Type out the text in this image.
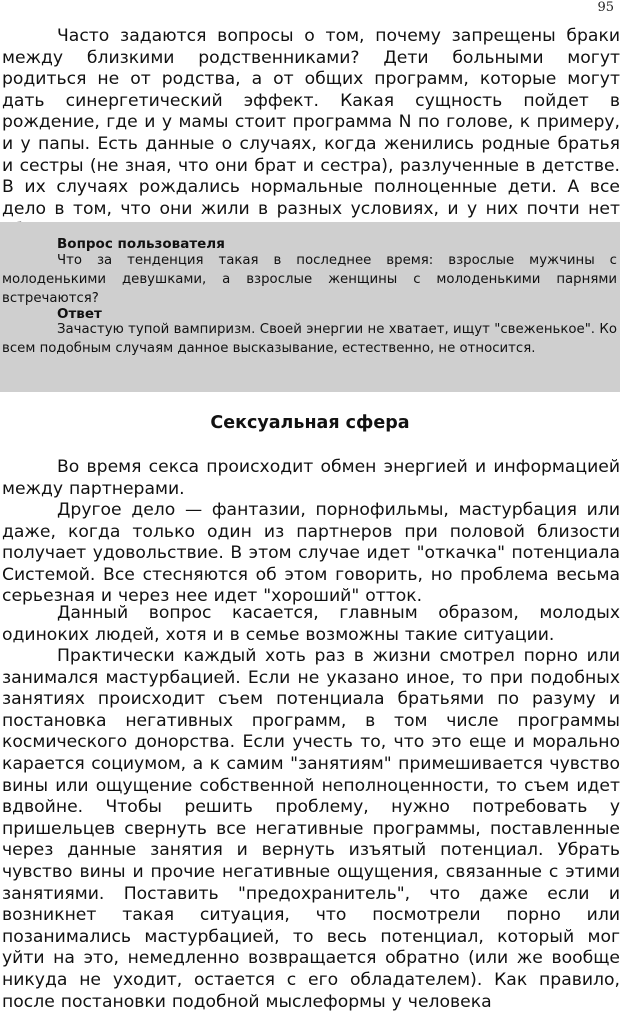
95

Часто задаются вопросы о том, почему запрещены браки между близкими родственниками? Дети больными могут родиться не от родства, а от общих программ, которые могут дать синергетический эффект. Какая сущность пойдет в рождение, где и у мамы стоит программа N по голове, к примеру, и у папы. Есть данные о случаях, когда женились родные братья и сестры (не зная, что они брат и сестра), разлученные в детстве. В их случаях рождались нормальные полноценные дети. А все дело в том, что они жили в разных условиях, и у них почти нет

Вопрос пользователя

Что за тенденция такая в последнее время: взрослые мужчины с молоденькими девушками, а взрослые женщины с молоденькими парнями встречаются?

Ответ

Зачастую тупой вампиризм. Своей энергии не хватает, ищут "свеженькое". Ко всем подобным случаям данное высказывание, естественно, не относится.

Сексуальная сфера

Во время секса происходит обмен энергией и информацией между партнерами.

Другое дело — фантазии, порнофильмы, мастурбация или даже, когда только один из партнеров при половой близости получает удовольствие. В этом случае идет "откачка" потенциала Системой. Все стесняются об этом говорить, но проблема весьма серьезная и через нее идет "хороший" отток.

Данный вопрос касается, главным образом, молодых одиноких людей, хотя и в семье возможны такие ситуации.

Практически каждый хоть раз в жизни смотрел порно или занимался мастурбацией. Если не указано иное, то при подобных занятиях происходит съем потенциала братьями по разуму и постановка негативных программ, в том числе программы космического донорства. Если учесть то, что это еще и морально карается социумом, а к самим "занятиям" примешивается чувство вины или ощущение собственной неполноценности, то съем идет вдвойне. Чтобы решить проблему, нужно потребовать у пришельцев свернуть все негативные программы, поставленные через данные занятия и вернуть изъятый потенциал. Убрать чувство вины и прочие негативные ощущения, связанные с этими занятиями. Поставить "предохранитель", что даже если и возникнет такая ситуация, что посмотрели порно или позанимались мастурбацией, то весь потенциал, который мог уйти на это, немедленно возвращается обратно (или же вообще никуда не уходит, остается с его обладателем). Как правило, после постановки подобной мыслеформы у человека
